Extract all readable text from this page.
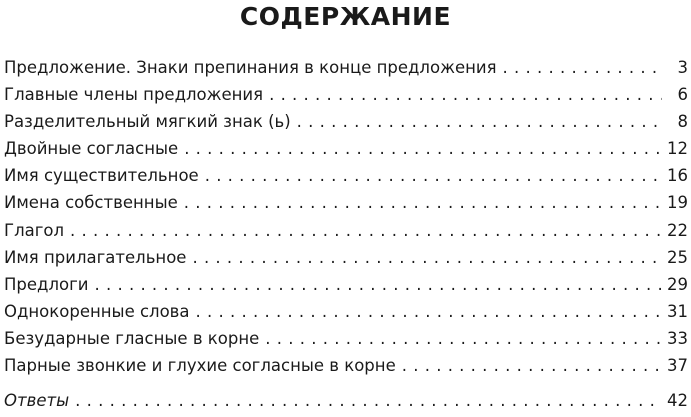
СОДЕРЖАНИЕ
Предложение. Знаки препинания в конце предложения . . .	3
Главные члены предложения . . .	6
Разделительный мягкий знак (ь) . . .	8
Двойные согласные . . .	12
Имя существительное . . .	16
Имена собственные . . .	19
Глагол . . .	22
Имя прилагательное . . .	25
Предлоги . . .	29
Однокоренные слова . . .	31
Безударные гласные в корне . . .	33
Парные звонкие и глухие согласные в корне . . .	37
Ответы . . .	42
